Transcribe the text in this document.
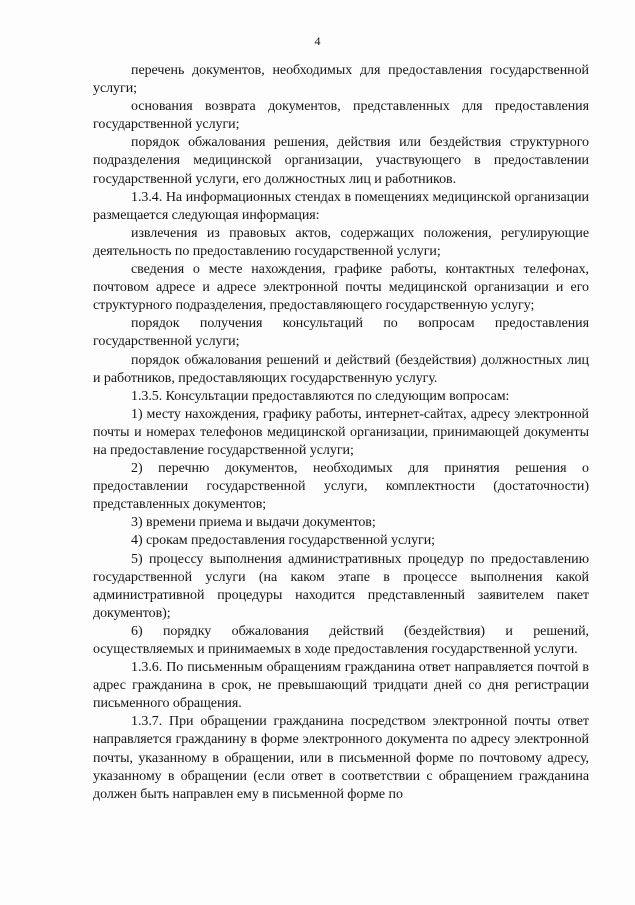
4

перечень документов, необходимых для предоставления государственной услуги;

основания возврата документов, представленных для предоставления государственной услуги;

порядок обжалования решения, действия или бездействия структурного подразделения медицинской организации, участвующего в предоставлении государственной услуги, его должностных лиц и работников.

1.3.4. На информационных стендах в помещениях медицинской организации размещается следующая информация:

извлечения из правовых актов, содержащих положения, регулирующие деятельность по предоставлению государственной услуги;

сведения о месте нахождения, графике работы, контактных телефонах, почтовом адресе и адресе электронной почты медицинской организации и его структурного подразделения, предоставляющего государственную услугу;

порядок получения консультаций по вопросам предоставления государственной услуги;

порядок обжалования решений и действий (бездействия) должностных лиц и работников, предоставляющих государственную услугу.

1.3.5. Консультации предоставляются по следующим вопросам:

1) месту нахождения, графику работы, интернет-сайтах, адресу электронной почты и номерах телефонов медицинской организации, принимающей документы на предоставление государственной услуги;

2) перечню документов, необходимых для принятия решения о предоставлении государственной услуги, комплектности (достаточности) представленных документов;

3) времени приема и выдачи документов;

4) срокам предоставления государственной услуги;

5) процессу выполнения административных процедур по предоставлению государственной услуги (на каком этапе в процессе выполнения какой административной процедуры находится представленный заявителем пакет документов);

6) порядку обжалования действий (бездействия) и решений, осуществляемых и принимаемых в ходе предоставления государственной услуги.

1.3.6. По письменным обращениям гражданина ответ направляется почтой в адрес гражданина в срок, не превышающий тридцати дней со дня регистрации письменного обращения.

1.3.7. При обращении гражданина посредством электронной почты ответ направляется гражданину в форме электронного документа по адресу электронной почты, указанному в обращении, или в письменной форме по почтовому адресу, указанному в обращении (если ответ в соответствии с обращением гражданина должен быть направлен ему в письменной форме по
